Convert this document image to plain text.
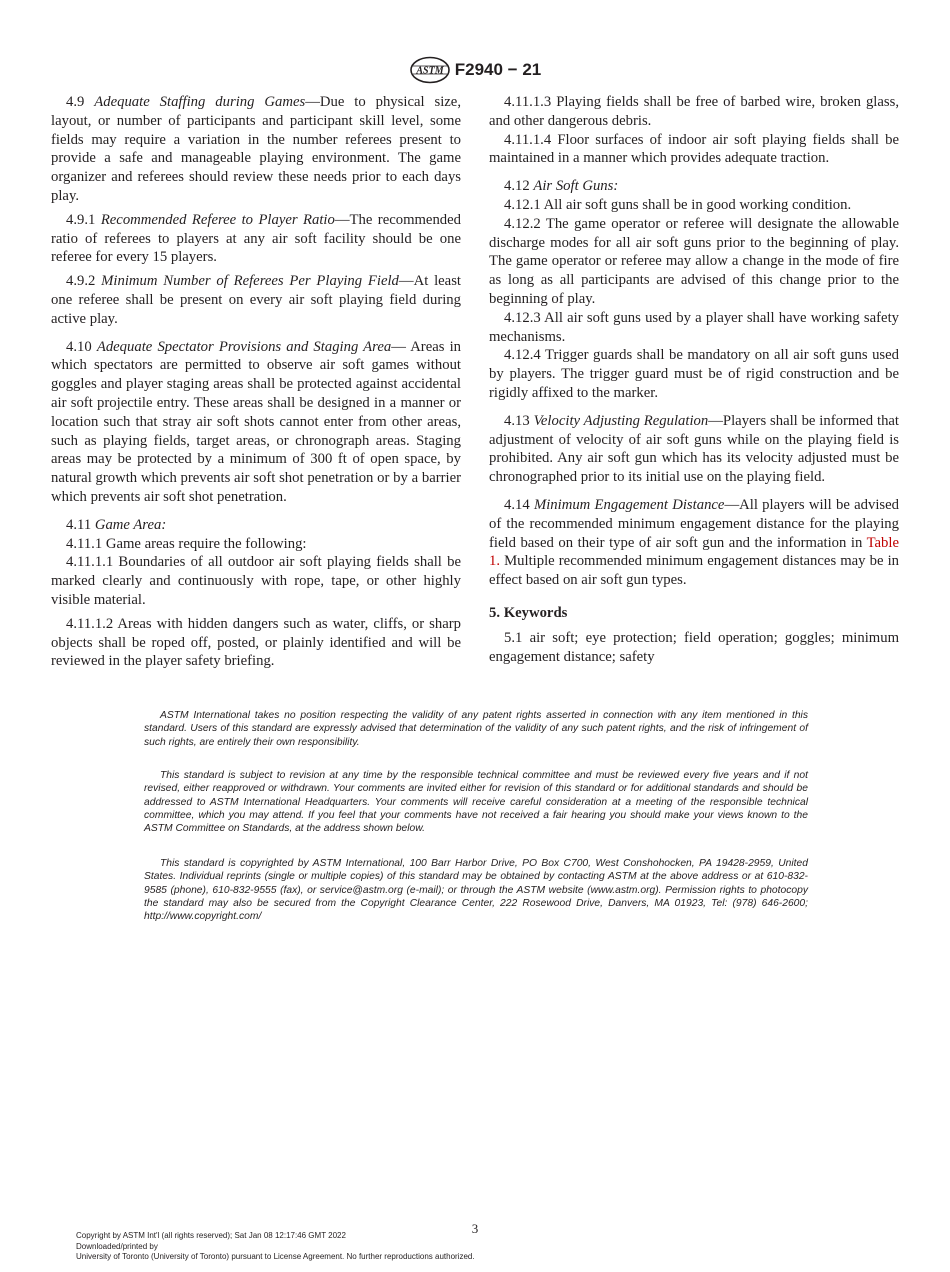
ASTM F2940 − 21

4.9 Adequate Staffing during Games—Due to physical size, layout, or number of participants and participant skill level, some fields may require a variation in the number referees present to provide a safe and manageable playing environment. The game organizer and referees should review these needs prior to each days play.

4.9.1 Recommended Referee to Player Ratio—The recommended ratio of referees to players at any air soft facility should be one referee for every 15 players.

4.9.2 Minimum Number of Referees Per Playing Field—At least one referee shall be present on every air soft playing field during active play.

4.10 Adequate Spectator Provisions and Staging Area— Areas in which spectators are permitted to observe air soft games without goggles and player staging areas shall be protected against accidental air soft projectile entry. These areas shall be designed in a manner or location such that stray air soft shots cannot enter from other areas, such as playing fields, target areas, or chronograph areas. Staging areas may be protected by a minimum of 300 ft of open space, by natural growth which prevents air soft shot penetration or by a barrier which prevents air soft shot penetration.

4.11 Game Area:

4.11.1 Game areas require the following:

4.11.1.1 Boundaries of all outdoor air soft playing fields shall be marked clearly and continuously with rope, tape, or other highly visible material.

4.11.1.2 Areas with hidden dangers such as water, cliffs, or sharp objects shall be roped off, posted, or plainly identified and will be reviewed in the player safety briefing.

4.11.1.3 Playing fields shall be free of barbed wire, broken glass, and other dangerous debris.

4.11.1.4 Floor surfaces of indoor air soft playing fields shall be maintained in a manner which provides adequate traction.

4.12 Air Soft Guns:

4.12.1 All air soft guns shall be in good working condition.

4.12.2 The game operator or referee will designate the allowable discharge modes for all air soft guns prior to the beginning of play. The game operator or referee may allow a change in the mode of fire as long as all participants are advised of this change prior to the beginning of play.

4.12.3 All air soft guns used by a player shall have working safety mechanisms.

4.12.4 Trigger guards shall be mandatory on all air soft guns used by players. The trigger guard must be of rigid construction and be rigidly affixed to the marker.

4.13 Velocity Adjusting Regulation—Players shall be informed that adjustment of velocity of air soft guns while on the playing field is prohibited. Any air soft gun which has its velocity adjusted must be chronographed prior to its initial use on the playing field.

4.14 Minimum Engagement Distance—All players will be advised of the recommended minimum engagement distance for the playing field based on their type of air soft gun and the information in Table 1. Multiple recommended minimum engagement distances may be in effect based on air soft gun types.

5. Keywords

5.1 air soft; eye protection; field operation; goggles; minimum engagement distance; safety

ASTM International takes no position respecting the validity of any patent rights asserted in connection with any item mentioned in this standard. Users of this standard are expressly advised that determination of the validity of any such patent rights, and the risk of infringement of such rights, are entirely their own responsibility.

This standard is subject to revision at any time by the responsible technical committee and must be reviewed every five years and if not revised, either reapproved or withdrawn. Your comments are invited either for revision of this standard or for additional standards and should be addressed to ASTM International Headquarters. Your comments will receive careful consideration at a meeting of the responsible technical committee, which you may attend. If you feel that your comments have not received a fair hearing you should make your views known to the ASTM Committee on Standards, at the address shown below.

This standard is copyrighted by ASTM International, 100 Barr Harbor Drive, PO Box C700, West Conshohocken, PA 19428-2959, United States. Individual reprints (single or multiple copies) of this standard may be obtained by contacting ASTM at the above address or at 610-832-9585 (phone), 610-832-9555 (fax), or service@astm.org (e-mail); or through the ASTM website (www.astm.org). Permission rights to photocopy the standard may also be secured from the Copyright Clearance Center, 222 Rosewood Drive, Danvers, MA 01923, Tel: (978) 646-2600; http://www.copyright.com/

3
Copyright by ASTM Int'l (all rights reserved); Sat Jan 08 12:17:46 GMT 2022
Downloaded/printed by
University of Toronto (University of Toronto) pursuant to License Agreement. No further reproductions authorized.
